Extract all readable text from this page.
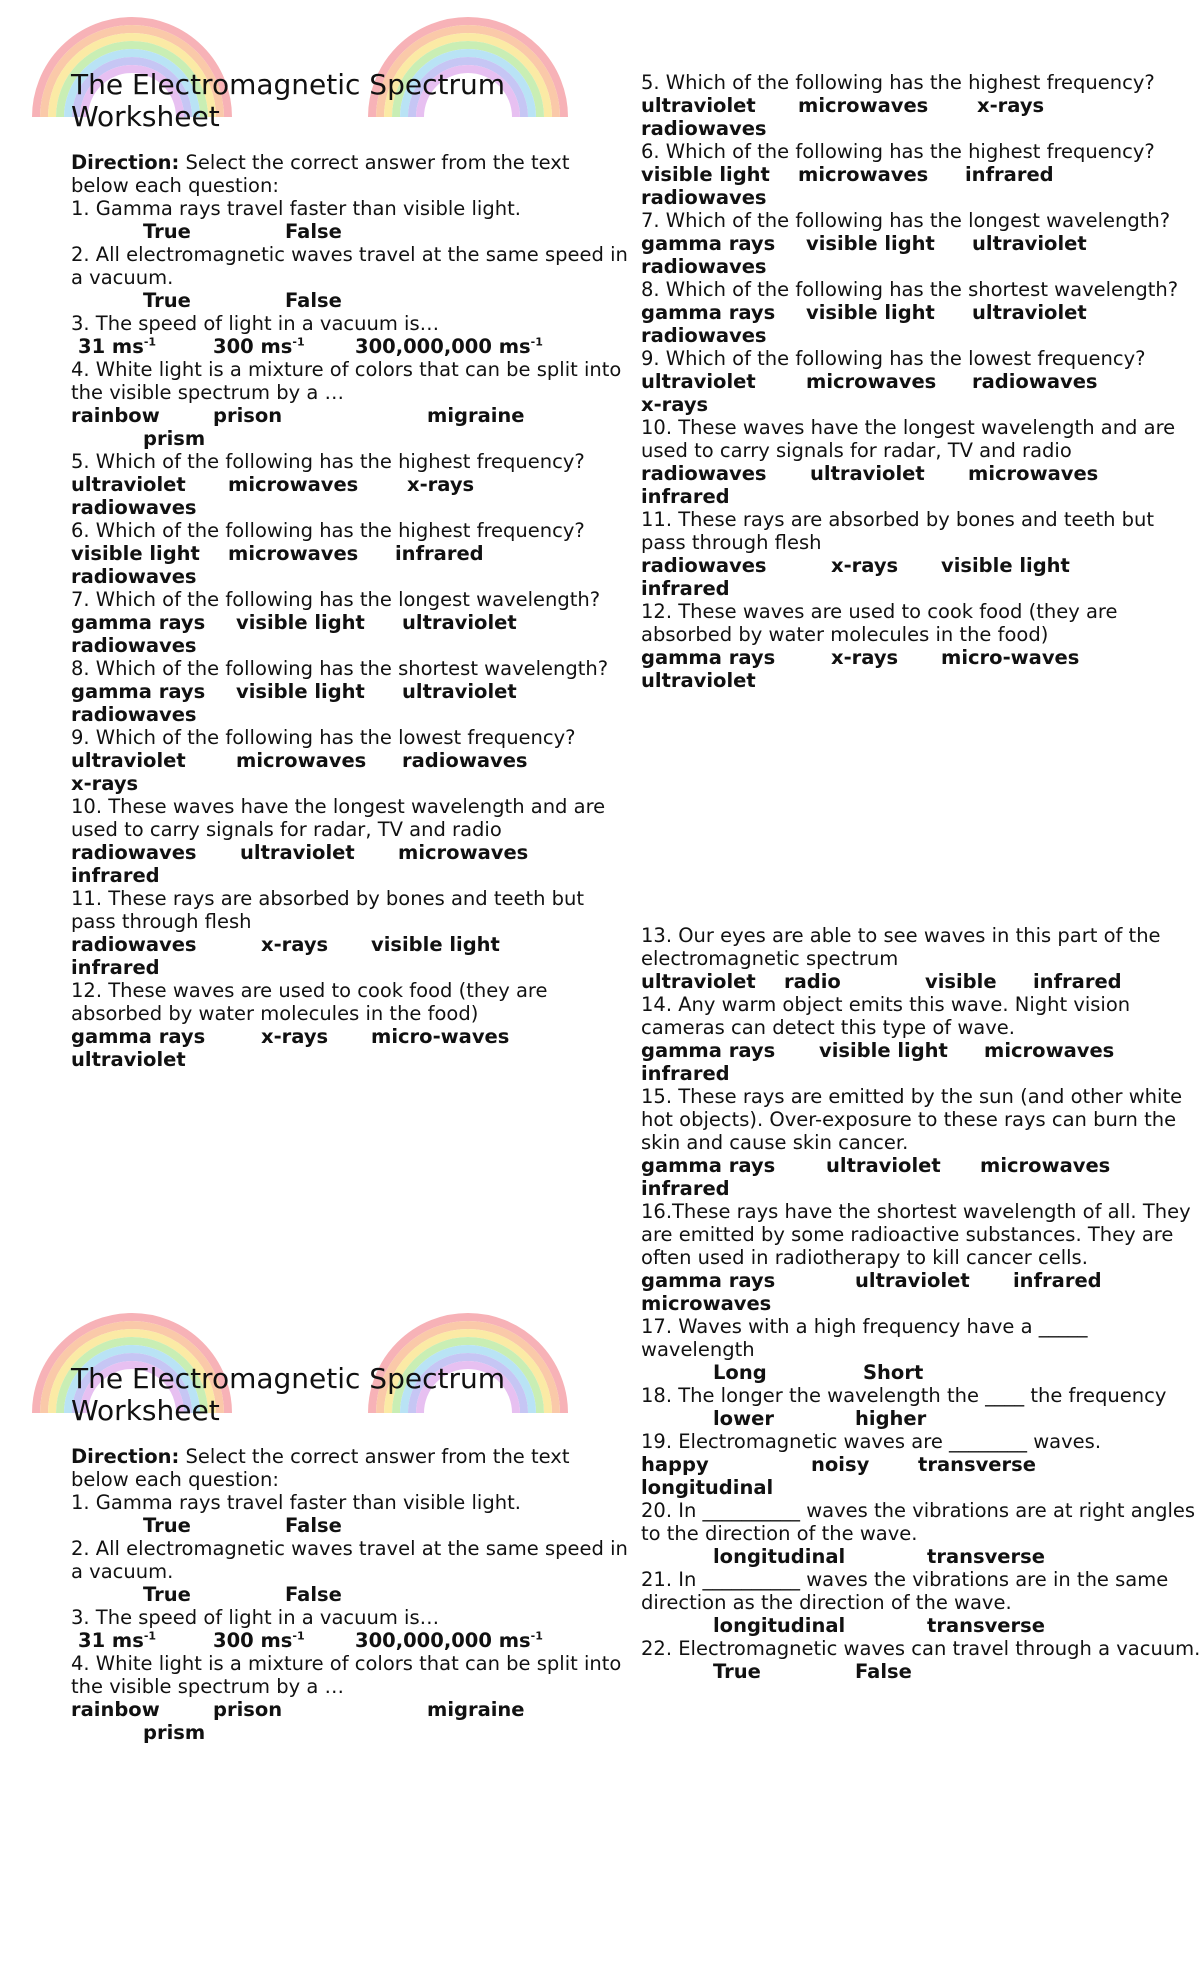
The Electromagnetic Spectrum Worksheet

Direction: Select the correct answer from the text below each question:

1. Gamma rays travel faster than visible light.

True	False

2. All electromagnetic waves travel at the same speed in a vacuum.

True	False

3. The speed of light in a vacuum is…

31 $ms^{-1}$	300 $ms^{-1}$	300,000,000 $ms^{-1}$

4. White light is a mixture of colors that can be split into the visible spectrum by a …

rainbow	prison	migraine

prism

5. Which of the following has the highest frequency?

ultraviolet microwaves x-rays

radiowaves

6. Which of the following has the highest frequency?

visible light microwaves infrared

radiowaves

7. Which of the following has the longest wavelength?

gamma rays visible light ultraviolet

radiowaves

8. Which of the following has the shortest wavelength?

gamma rays visible light ultraviolet

radiowaves

9. Which of the following has the lowest frequency?

ultraviolet	microwaves radiowaves

x-rays

10. These waves have the longest wavelength and are used to carry signals for radar, TV and radio

radiowaves ultraviolet microwaves

infrared

11. These rays are absorbed by bones and teeth but pass through flesh

radiowaves	x-rays visible light

infrared

12. These waves are used to cook food (they are absorbed by water molecules in the food)

gamma rays	x-rays micro-waves

ultraviolet

The Electromagnetic Spectrum Worksheet

Direction: Select the correct answer from the text below each question:

1. Gamma rays travel faster than visible light.

True	False

2. All electromagnetic waves travel at the same speed in a vacuum.

True	False

3. The speed of light in a vacuum is…

31 $ms^{-1}$	300 $ms^{-1}$	300,000,000 $ms^{-1}$

4. White light is a mixture of colors that can be split into the visible spectrum by a …

rainbow	prison	migraine

prism

5. Which of the following has the highest frequency?

ultraviolet microwaves x-rays

radiowaves

6. Which of the following has the highest frequency?

visible light microwaves infrared

radiowaves

7. Which of the following has the longest wavelength?

gamma rays visible light ultraviolet

radiowaves

8. Which of the following has the shortest wavelength?

gamma rays visible light ultraviolet

radiowaves

9. Which of the following has the lowest frequency?

ultraviolet	microwaves radiowaves

x-rays

10. These waves have the longest wavelength and are used to carry signals for radar, TV and radio

radiowaves ultraviolet microwaves

infrared

11. These rays are absorbed by bones and teeth but pass through flesh

radiowaves	x-rays visible light

infrared

12. These waves are used to cook food (they are absorbed by water molecules in the food)

gamma rays	x-rays micro-waves

ultraviolet

13. Our eyes are able to see waves in this part of the electromagnetic spectrum

ultraviolet radio	visible infrared

14. Any warm object emits this wave. Night vision cameras can detect this type of wave.

gamma rays visible light microwaves

infrared

15. These rays are emitted by the sun (and other white hot objects). Over-exposure to these rays can burn the skin and cause skin cancer.

gamma rays	ultraviolet microwaves

infrared

16.These rays have the shortest wavelength of all. They are emitted by some radioactive substances. They are often used in radiotherapy to kill cancer cells.

gamma rays	ultraviolet infrared

microwaves

17. Waves with a high frequency have a _____ wavelength

Long	Short

18. The longer the wavelength the ____ the frequency

lower	higher

19. Electromagnetic waves are ________ waves.

happy	noisy transverse

longitudinal

20. In __________ waves the vibrations are at right angles to the direction of the wave.

longitudinal	transverse

21. In __________ waves the vibrations are in the same direction as the direction of the wave.

longitudinal	transverse

22. Electromagnetic waves can travel through a vacuum.

True	False
